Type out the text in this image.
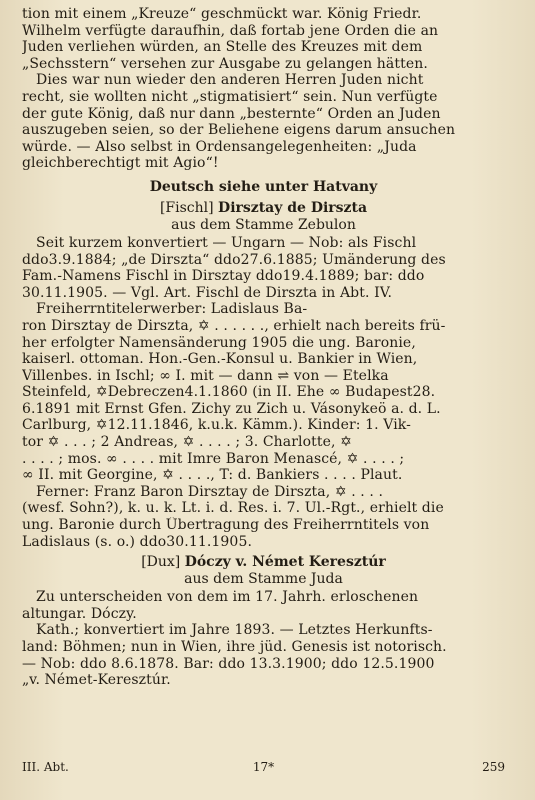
tion mit einem „Kreuze“ geschmückt war. König Friedr.
Wilhelm verfügte daraufhin, daß fortab jene Orden die an
Juden verliehen würden, an Stelle des Kreuzes mit dem
„Sechsstern“ versehen zur Ausgabe zu gelangen hätten.
Dies war nun wieder den anderen Herren Juden nicht
recht, sie wollten nicht „stigmatisiert“ sein. Nun verfügte
der gute König, daß nur dann „besternte“ Orden an Juden
auszugeben seien, so der Beliehene eigens darum ansuchen
würde. — Also selbst in Ordensangelegenheiten: „Juda
gleichberechtigt mit Agio“!
Deutsch siehe unter Hatvany
[Fischl] Dirsztay de Dirszta
aus dem Stamme Zebulon
Seit kurzem konvertiert — Ungarn — Nob: als Fischl
ddo3.9.1884; „de Dirszta“ ddo27.6.1885; Umänderung des
Fam.-Namens Fischl in Dirsztay ddo19.4.1889; bar: ddo
30.11.1905. — Vgl. Art. Fischl de Dirszta in Abt. IV.
Freiherrntitelerwerber: Ladislaus Ba-
ron Dirsztay de Dirszta, ✡ . . . . . ., erhielt nach bereits frü-
her erfolgter Namensänderung 1905 die ung. Baronie,
kaiserl. ottoman. Hon.-Gen.-Konsul u. Bankier in Wien,
Villenbes. in Ischl; ∞ I. mit — dann ⇌ von — Etelka
Steinfeld, ✡Debreczen4.1.1860 (in II. Ehe ∞ Budapest28.
6.1891 mit Ernst Gfen. Zichy zu Zich u. Vásonykeö a. d. L.
Carlburg, ✡12.11.1846, k.u.k. Kämm.). Kinder: 1. Vik-
tor ✡ . . . ; 2 Andreas, ✡ . . . . ; 3. Charlotte, ✡
. . . . ; mos. ∞ . . . . mit Imre Baron Menascé, ✡ . . . . ;
∞ II. mit Georgine, ✡ . . . ., T: d. Bankiers . . . . Plaut.
Ferner: Franz Baron Dirsztay de Dirszta, ✡ . . . .
(wesf. Sohn?), k. u. k. Lt. i. d. Res. i. 7. Ul.-Rgt., erhielt die
ung. Baronie durch Übertragung des Freiherrntitels von
Ladislaus (s. o.) ddo30.11.1905.
[Dux] Dóczy v. Német Keresztúr
aus dem Stamme Juda
Zu unterscheiden von dem im 17. Jahrh. erloschenen
altungar. Dóczy.
Kath.; konvertiert im Jahre 1893. — Letztes Herkunfts-
land: Böhmen; nun in Wien, ihre jüd. Genesis ist notorisch.
— Nob: ddo 8.6.1878. Bar: ddo 13.3.1900; ddo 12.5.1900
„v. Német-Keresztúr.
III. Abt.	17*	259
